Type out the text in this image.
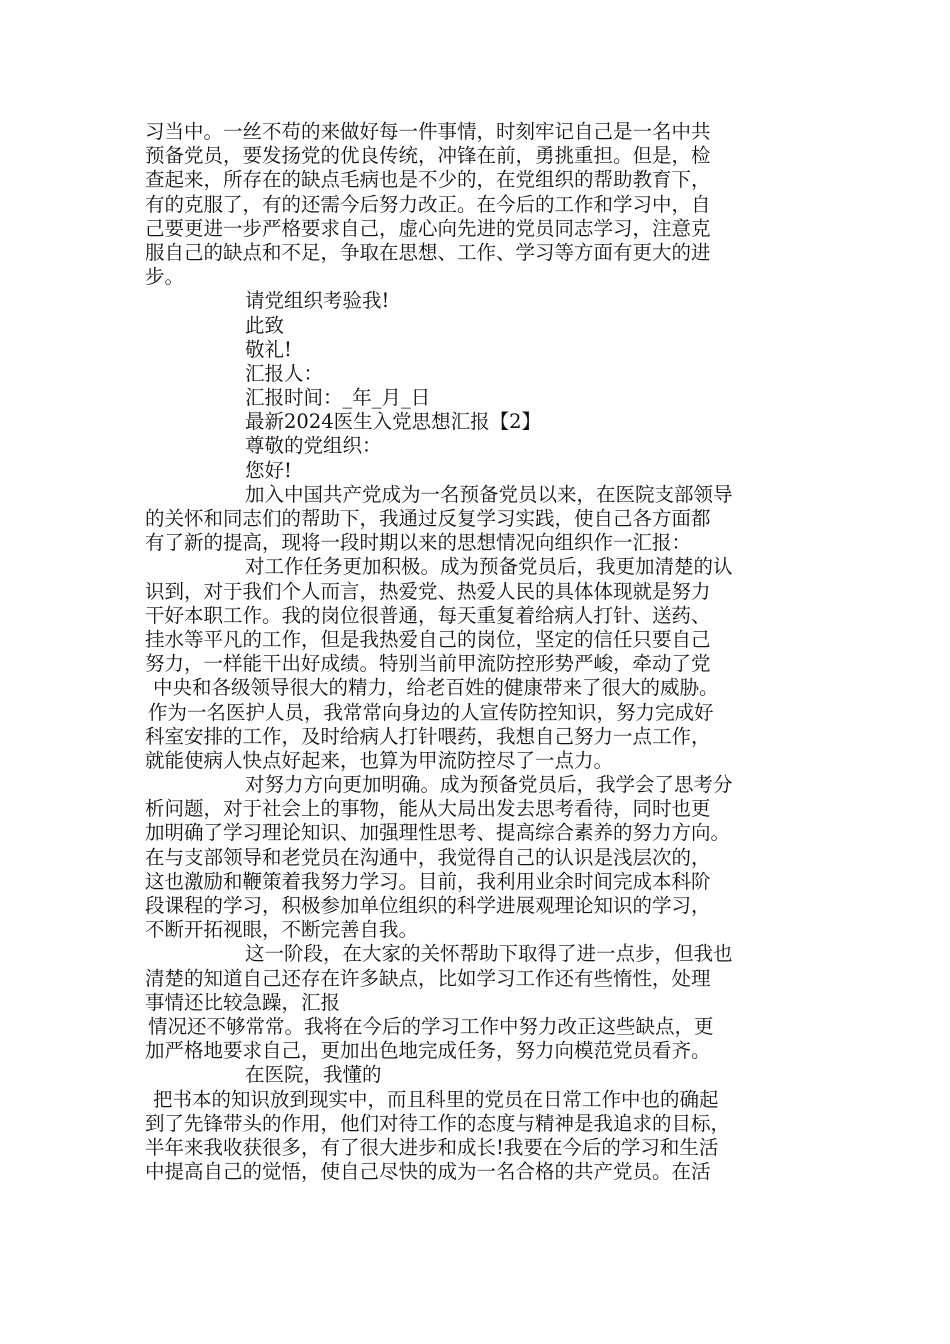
习当中。一丝不苟的来做好每一件事情，时刻牢记自己是一名中共
预备党员，要发扬党的优良传统，冲锋在前，勇挑重担。但是，检
查起来，所存在的缺点毛病也是不少的，在党组织的帮助教育下，
有的克服了，有的还需今后努力改正。在今后的工作和学习中，自
己要更进一步严格要求自己，虚心向先进的党员同志学习，注意克
服自己的缺点和不足，争取在思想、工作、学习等方面有更大的进
步。
请党组织考验我!
此致
敬礼!
汇报人：
汇报时间：_年_月_日
最新2024医生入党思想汇报【2】
尊敬的党组织：
您好!
加入中国共产党成为一名预备党员以来，在医院支部领导
的关怀和同志们的帮助下，我通过反复学习实践，使自己各方面都
有了新的提高，现将一段时期以来的思想情况向组织作一汇报：
对工作任务更加积极。成为预备党员后，我更加清楚的认
识到，对于我们个人而言，热爱党、热爱人民的具体体现就是努力
干好本职工作。我的岗位很普通，每天重复着给病人打针、送药、
挂水等平凡的工作，但是我热爱自己的岗位，坚定的信任只要自己
努力，一样能干出好成绩。特别当前甲流防控形势严峻，牵动了党
中央和各级领导很大的精力，给老百姓的健康带来了很大的威胁。
作为一名医护人员，我常常向身边的人宣传防控知识，努力完成好
科室安排的工作，及时给病人打针喂药，我想自己努力一点工作，
就能使病人快点好起来，也算为甲流防控尽了一点力。
对努力方向更加明确。成为预备党员后，我学会了思考分
析问题，对于社会上的事物，能从大局出发去思考看待，同时也更
加明确了学习理论知识、加强理性思考、提高综合素养的努力方向。
在与支部领导和老党员在沟通中，我觉得自己的认识是浅层次的，
这也激励和鞭策着我努力学习。目前，我利用业余时间完成本科阶
段课程的学习，积极参加单位组织的科学进展观理论知识的学习，
不断开拓视眼，不断完善自我。
这一阶段，在大家的关怀帮助下取得了进一点步，但我也
清楚的知道自己还存在许多缺点，比如学习工作还有些惰性，处理
事情还比较急躁，汇报
情况还不够常常。我将在今后的学习工作中努力改正这些缺点，更
加严格地要求自己，更加出色地完成任务，努力向模范党员看齐。
在医院，我懂的
把书本的知识放到现实中，而且科里的党员在日常工作中也的确起
到了先锋带头的作用，他们对待工作的态度与精神是我追求的目标，
半年来我收获很多，有了很大进步和成长!我要在今后的学习和生活
中提高自己的觉悟，使自己尽快的成为一名合格的共产党员。在活
